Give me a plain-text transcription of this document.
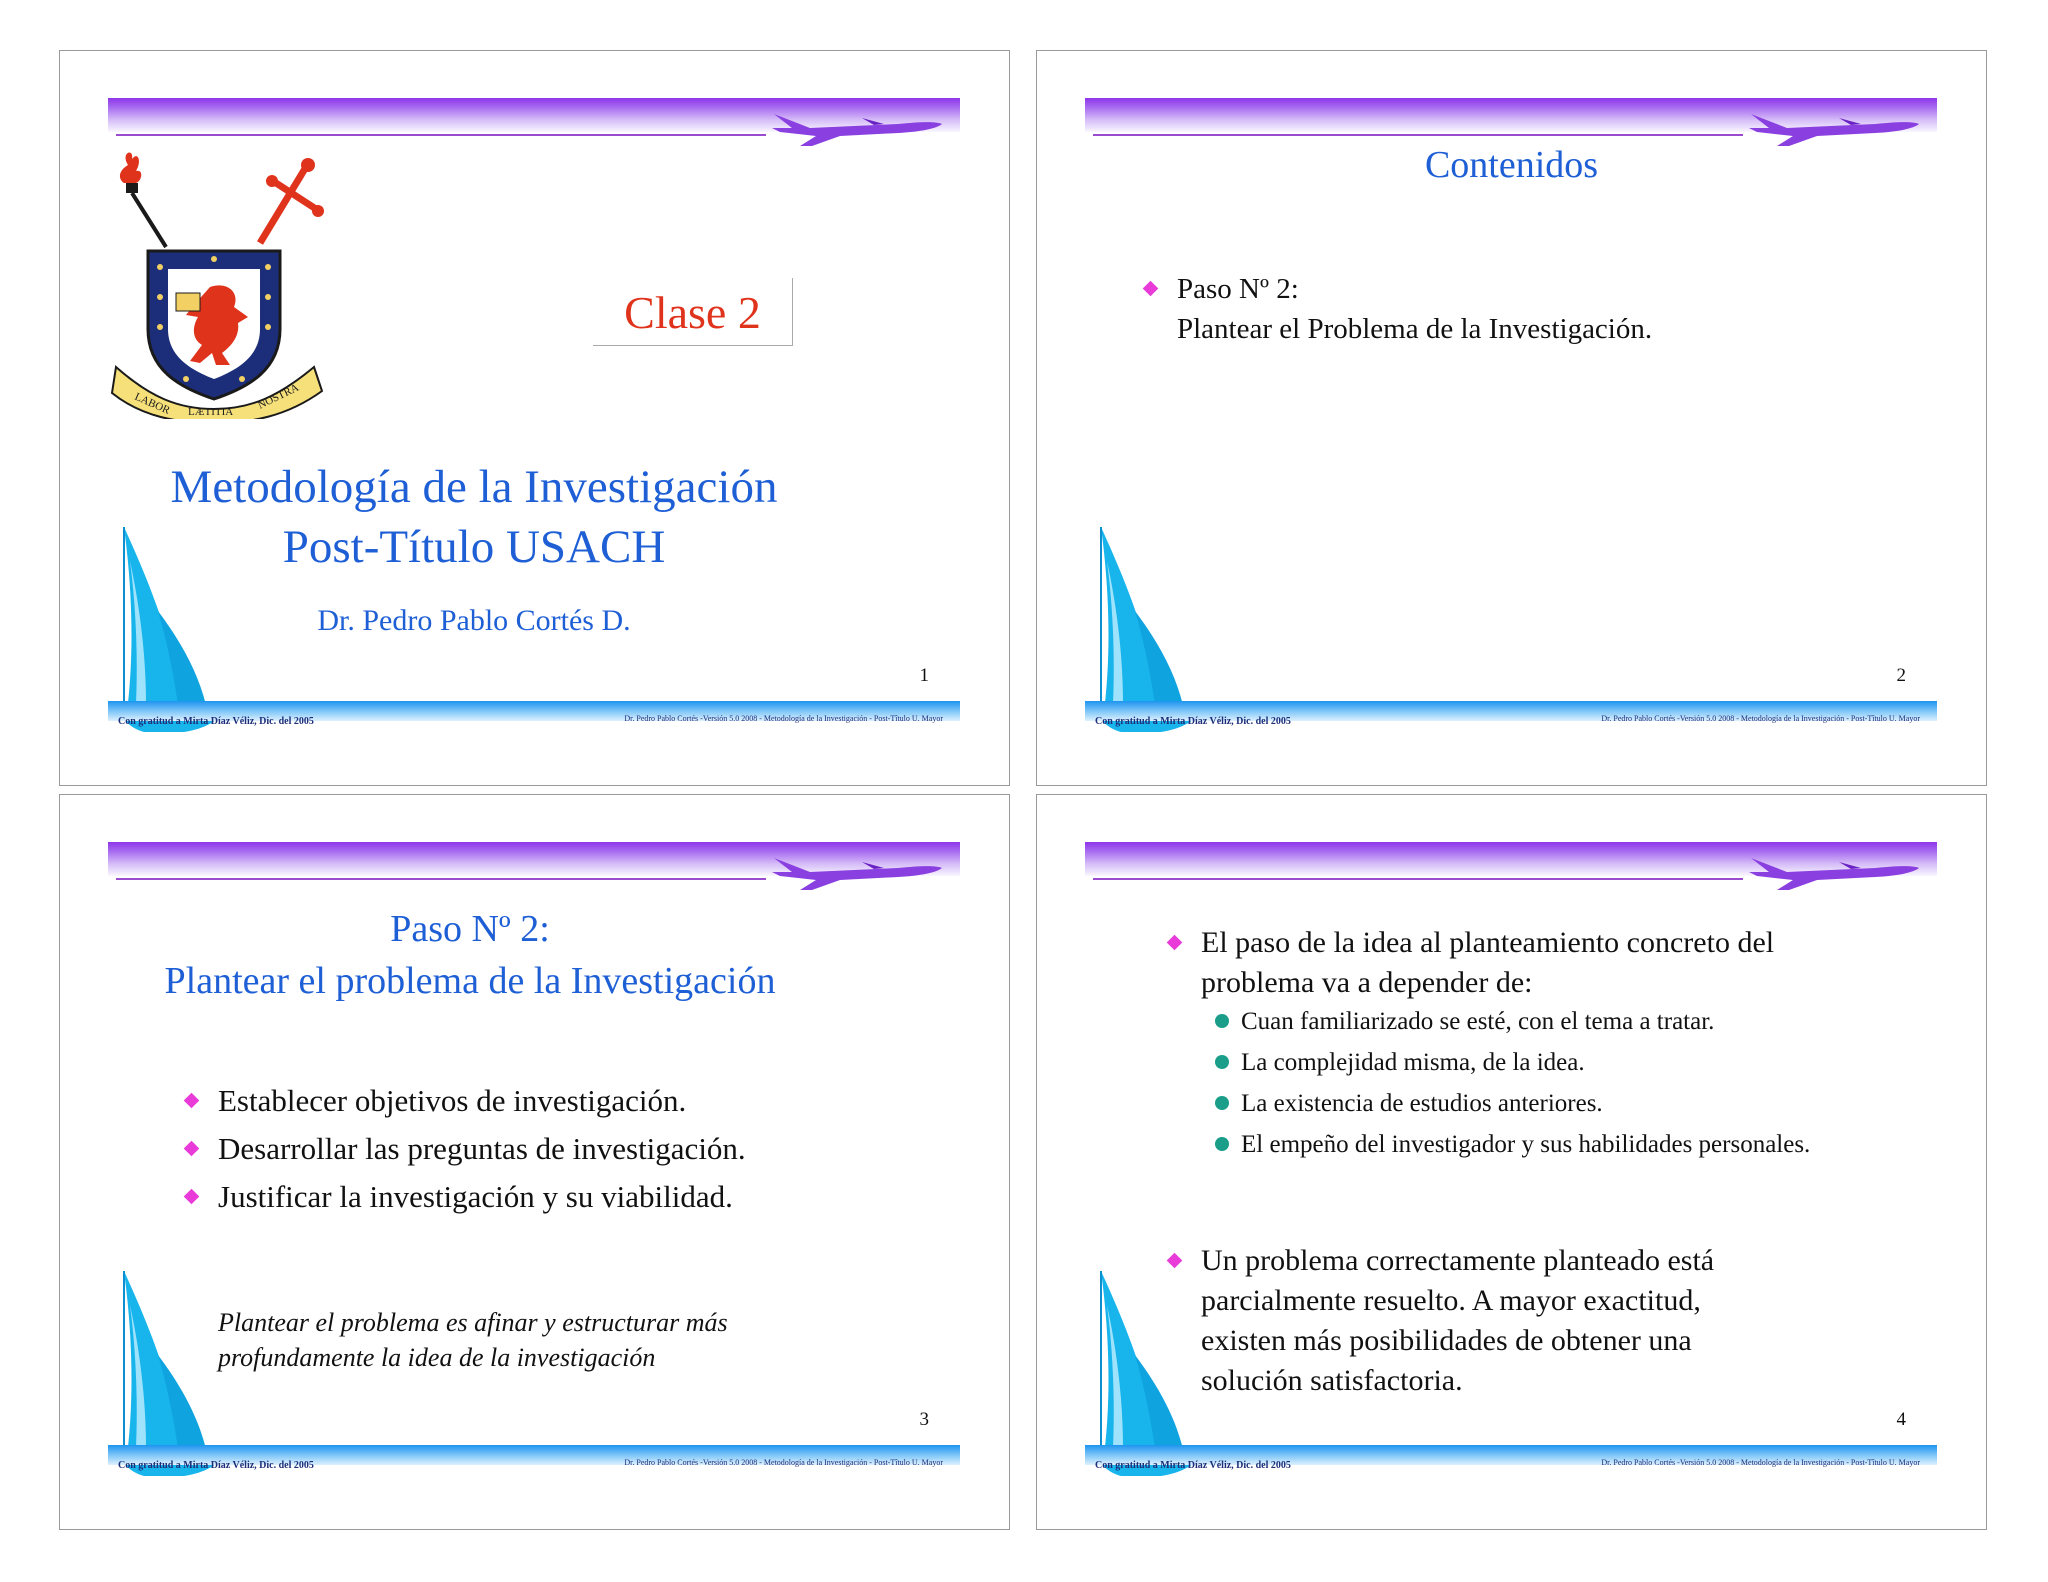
LABOR LÆTITIA
NOSTRA
Clase 2
Metodología de la Investigación
Post-Título USACH
Dr. Pedro Pablo Cortés D.
1
Con gratitud a Mirta Díaz Véliz, Dic. del 2005	Dr. Pedro Pablo Cortés -Versión 5.0 2008 - Metodología de la Investigación - Post-Tîtulo U. Mayor
Contenidos
Paso Nº 2:
Plantear el Problema de la Investigación.
2
Con gratitud a Mirta Díaz Véliz, Dic. del 2005	Dr. Pedro Pablo Cortés -Versión 5.0 2008 - Metodología de la Investigación - Post-Tîtulo U. Mayor
Paso Nº 2:
Plantear el problema de la Investigación
Establecer objetivos de investigación.
Desarrollar las preguntas de investigación.
Justificar la investigación y su viabilidad.
Plantear el problema es afinar y estructurar más
profundamente la idea de la investigación
3
Con gratitud a Mirta Díaz Véliz, Dic. del 2005	Dr. Pedro Pablo Cortés -Versión 5.0 2008 - Metodología de la Investigación - Post-Tîtulo U. Mayor
El paso de la idea al planteamiento concreto del
problema va a depender de:
Cuan familiarizado se esté, con el tema a tratar.
La complejidad misma, de la idea.
La existencia de estudios anteriores.
El empeño del investigador y sus habilidades personales.
Un problema correctamente planteado está
parcialmente resuelto. A mayor exactitud,
existen más posibilidades de obtener una
solución satisfactoria.
4
Con gratitud a Mirta Díaz Véliz, Dic. del 2005	Dr. Pedro Pablo Cortés -Versión 5.0 2008 - Metodología de la Investigación - Post-Tîtulo U. Mayor
